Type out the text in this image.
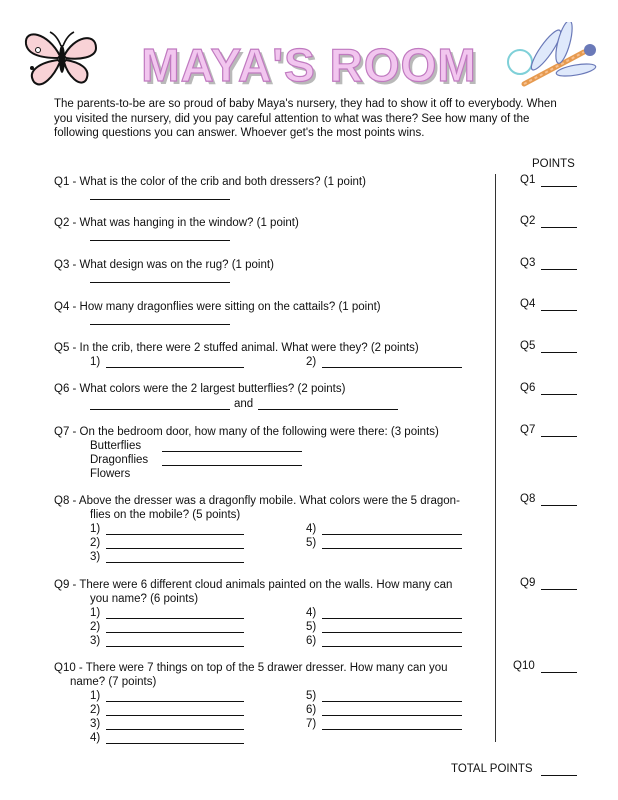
MAYA'S ROOM
The parents-to-be are so proud of baby Maya's nursery, they had to show it off to everybody. When you visited the nursery, did you pay careful attention to what was there? See how many of the following questions you can answer. Whoever get's the most points wins.
POINTS
Q1 - What is the color of the crib and both dressers? (1 point)
Q2 - What was hanging in the window? (1 point)
Q3 - What design was on the rug? (1 point)
Q4 - How many dragonflies were sitting on the cattails? (1 point)
Q5 - In the crib, there were 2 stuffed animal. What were they? (2 points)
1)	2)
Q6 - What colors were the 2 largest butterflies? (2 points)
and
Q7 - On the bedroom door, how many of the following were there: (3 points)
Butterflies
Dragonflies
Flowers
Q8 - Above the dresser was a dragonfly mobile. What colors were the 5 dragon-
flies on the mobile? (5 points)
1)
2)
3)
4)
5)
Q9 - There were 6 different cloud animals painted on the walls. How many can
you name? (6 points)
1)
2)
3)
4)
5)
6)
Q10 - There were 7 things on top of the 5 drawer dresser. How many can you
name? (7 points)
1)
2)
3)
4)
5)
6)
7)
Q1
Q2
Q3
Q4
Q5
Q6
Q7
Q8
Q9
Q10
TOTAL POINTS
